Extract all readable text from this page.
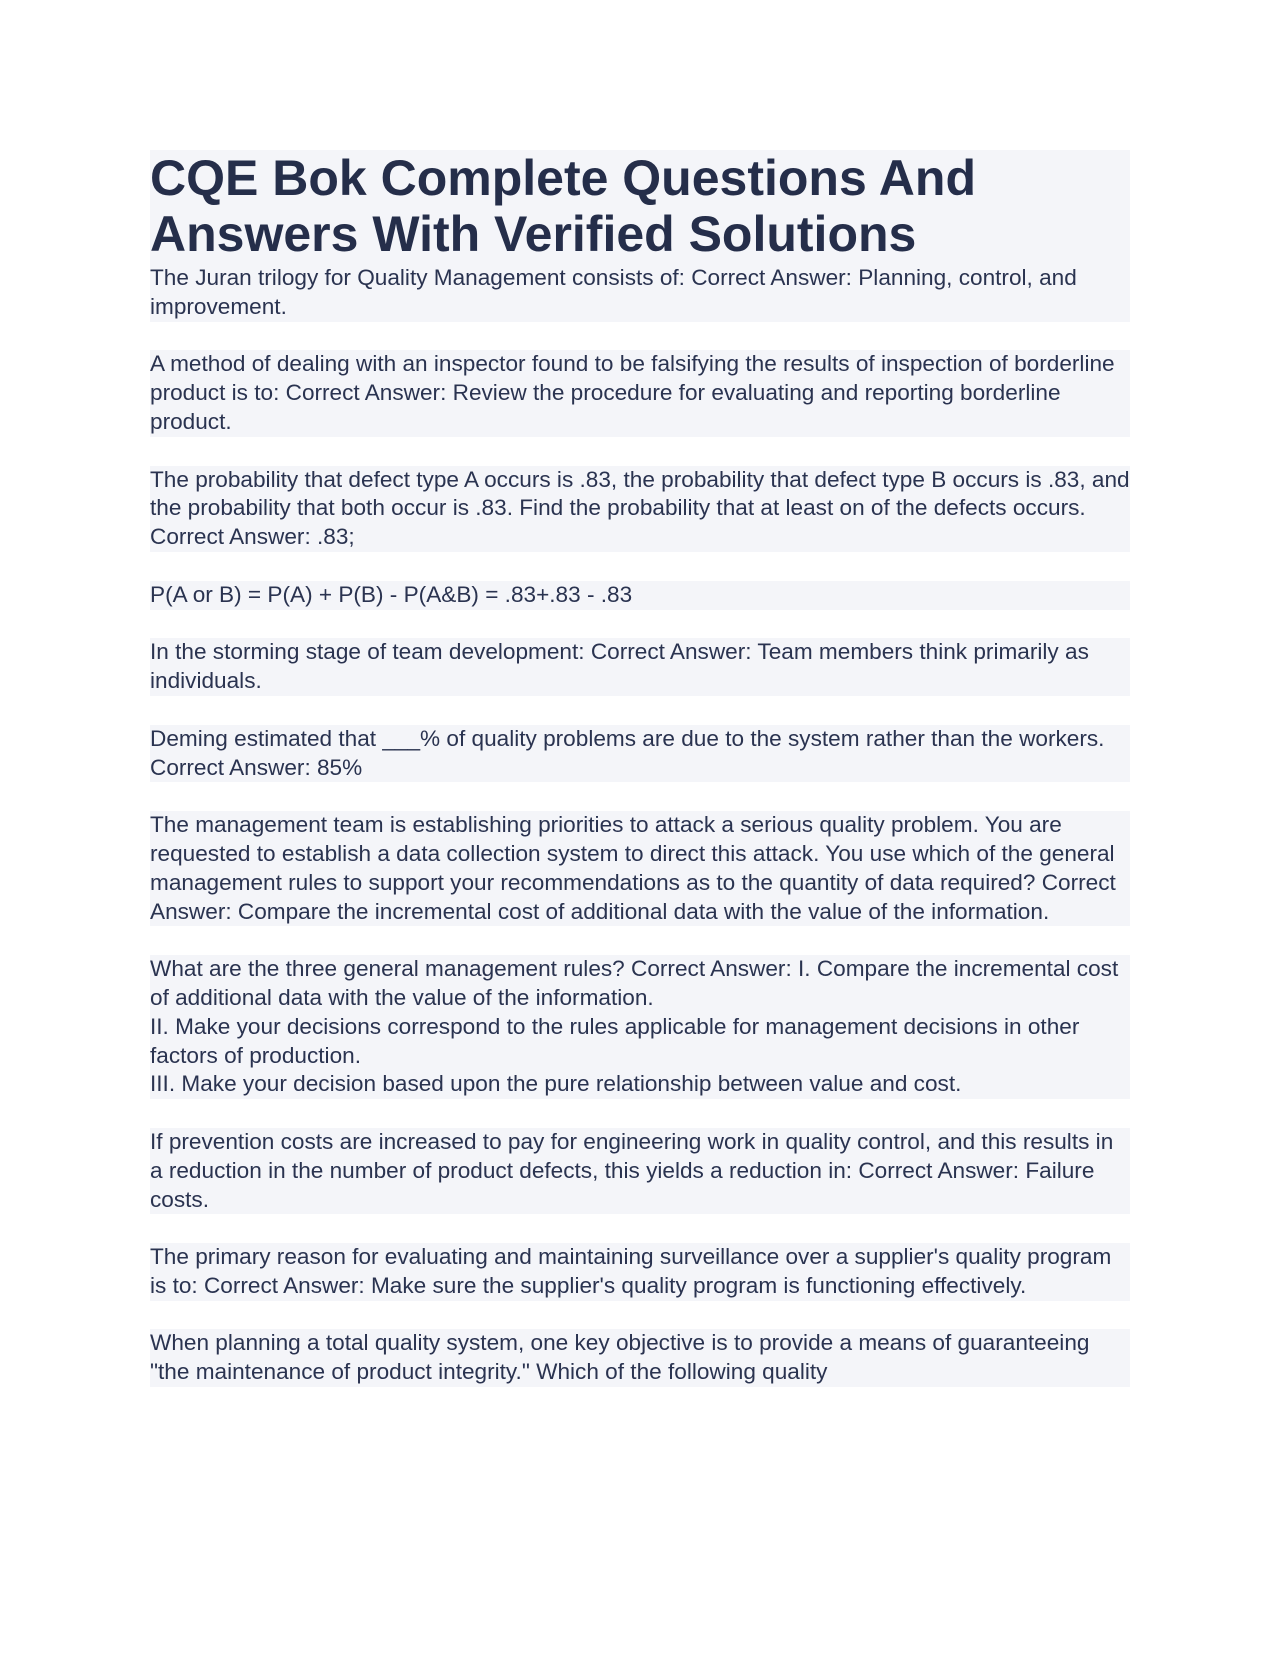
CQE Bok Complete Questions And Answers With Verified Solutions

The Juran trilogy for Quality Management consists of: Correct Answer: Planning, control, and improvement.

A method of dealing with an inspector found to be falsifying the results of inspection of borderline product is to: Correct Answer: Review the procedure for evaluating and reporting borderline product.

The probability that defect type A occurs is .83, the probability that defect type B occurs is .83, and the probability that both occur is .83. Find the probability that at least on of the defects occurs. Correct Answer: .83;

P(A or B) = P(A) + P(B) - P(A&B) = .83+.83 - .83

In the storming stage of team development: Correct Answer: Team members think primarily as individuals.

Deming estimated that ___% of quality problems are due to the system rather than the workers. Correct Answer: 85%

The management team is establishing priorities to attack a serious quality problem. You are requested to establish a data collection system to direct this attack. You use which of the general management rules to support your recommendations as to the quantity of data required? Correct Answer: Compare the incremental cost of additional data with the value of the information.

What are the three general management rules? Correct Answer: I. Compare the incremental cost of additional data with the value of the information.
II. Make your decisions correspond to the rules applicable for management decisions in other factors of production.
III. Make your decision based upon the pure relationship between value and cost.

If prevention costs are increased to pay for engineering work in quality control, and this results in a reduction in the number of product defects, this yields a reduction in: Correct Answer: Failure costs.

The primary reason for evaluating and maintaining surveillance over a supplier's quality program is to: Correct Answer: Make sure the supplier's quality program is functioning effectively.

When planning a total quality system, one key objective is to provide a means of guaranteeing "the maintenance of product integrity." Which of the following quality
